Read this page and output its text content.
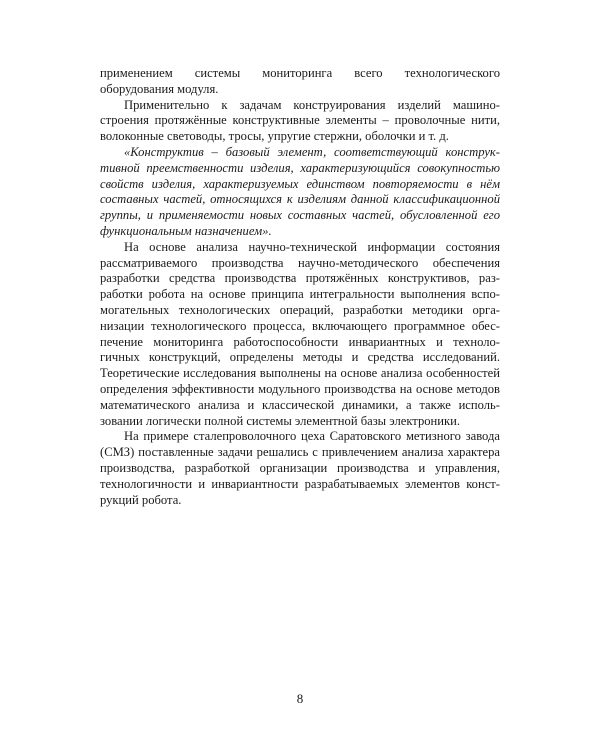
применением системы мониторинга всего технологического
оборудования модуля.
Применительно к задачам конструирования изделий машино-
строения протяжённые конструктивные элементы – проволочные нити,
волоконные световоды, тросы, упругие стержни, оболочки и т. д.
«Конструктив – базовый элемент, соответствующий конструк-
тивной преемственности изделия, характеризующийся совокупностью
свойств изделия, характеризуемых единством повторяемости в нём
составных частей, относящихся к изделиям данной классификационной
группы, и применяемости новых составных частей, обусловленной его
функциональным назначением».
На основе анализа научно-технической информации состояния
рассматриваемого производства научно-методического обеспечения
разработки средства производства протяжённых конструктивов, раз-
работки робота на основе принципа интегральности выполнения вспо-
могательных технологических операций, разработки методики орга-
низации технологического процесса, включающего программное обес-
печение мониторинга работоспособности инвариантных и техноло-
гичных конструкций, определены методы и средства исследований.
Теоретические исследования выполнены на основе анализа особенностей
определения эффективности модульного производства на основе методов
математического анализа и классической динамики, а также исполь-
зовании логически полной системы элементной базы электроники.
На примере сталепроволочного цеха Саратовского метизного завода
(СМЗ) поставленные задачи решались с привлечением анализа характера
производства, разработкой организации производства и управления,
технологичности и инвариантности разрабатываемых элементов конст-
рукций робота.
8
